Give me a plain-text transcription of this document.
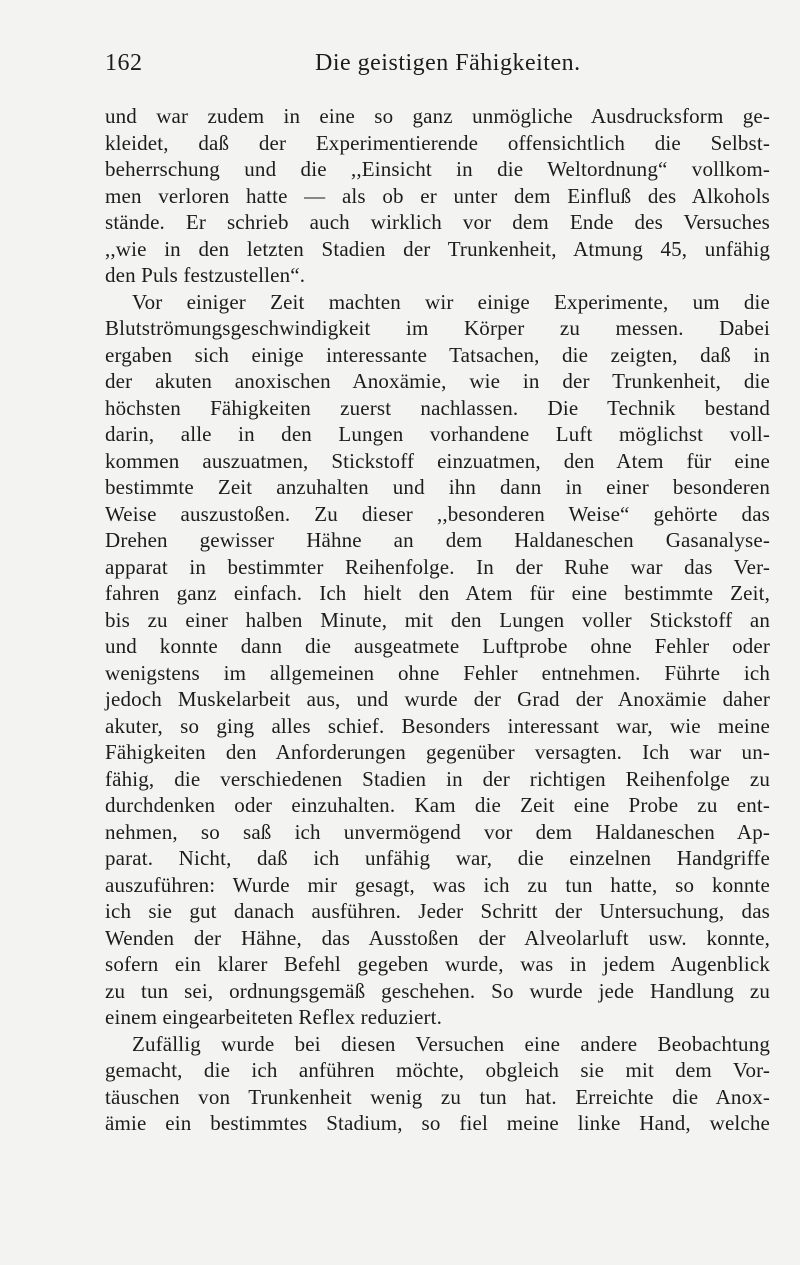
162	Die geistigen Fähigkeiten.
und war zudem in eine so ganz unmögliche Ausdrucksform ge-
kleidet, daß der Experimentierende offensichtlich die Selbst-
beherrschung und die ,,Einsicht in die Weltordnung“ vollkom-
men verloren hatte — als ob er unter dem Einfluß des Alkohols
stände. Er schrieb auch wirklich vor dem Ende des Versuches
,,wie in den letzten Stadien der Trunkenheit, Atmung 45, unfähig
den Puls festzustellen“.
Vor einiger Zeit machten wir einige Experimente, um die
Blutströmungsgeschwindigkeit im Körper zu messen. Dabei
ergaben sich einige interessante Tatsachen, die zeigten, daß in
der akuten anoxischen Anoxämie, wie in der Trunkenheit, die
höchsten Fähigkeiten zuerst nachlassen. Die Technik bestand
darin, alle in den Lungen vorhandene Luft möglichst voll-
kommen auszuatmen, Stickstoff einzuatmen, den Atem für eine
bestimmte Zeit anzuhalten und ihn dann in einer besonderen
Weise auszustoßen. Zu dieser ,,besonderen Weise“ gehörte das
Drehen gewisser Hähne an dem Haldaneschen Gasanalyse-
apparat in bestimmter Reihenfolge. In der Ruhe war das Ver-
fahren ganz einfach. Ich hielt den Atem für eine bestimmte Zeit,
bis zu einer halben Minute, mit den Lungen voller Stickstoff an
und konnte dann die ausgeatmete Luftprobe ohne Fehler oder
wenigstens im allgemeinen ohne Fehler entnehmen. Führte ich
jedoch Muskelarbeit aus, und wurde der Grad der Anoxämie daher
akuter, so ging alles schief. Besonders interessant war, wie meine
Fähigkeiten den Anforderungen gegenüber versagten. Ich war un-
fähig, die verschiedenen Stadien in der richtigen Reihenfolge zu
durchdenken oder einzuhalten. Kam die Zeit eine Probe zu ent-
nehmen, so saß ich unvermögend vor dem Haldaneschen Ap-
parat. Nicht, daß ich unfähig war, die einzelnen Handgriffe
auszuführen: Wurde mir gesagt, was ich zu tun hatte, so konnte
ich sie gut danach ausführen. Jeder Schritt der Untersuchung, das
Wenden der Hähne, das Ausstoßen der Alveolarluft usw. konnte,
sofern ein klarer Befehl gegeben wurde, was in jedem Augenblick
zu tun sei, ordnungsgemäß geschehen. So wurde jede Handlung zu
einem eingearbeiteten Reflex reduziert.
Zufällig wurde bei diesen Versuchen eine andere Beobachtung
gemacht, die ich anführen möchte, obgleich sie mit dem Vor-
täuschen von Trunkenheit wenig zu tun hat. Erreichte die Anox-
ämie ein bestimmtes Stadium, so fiel meine linke Hand, welche
